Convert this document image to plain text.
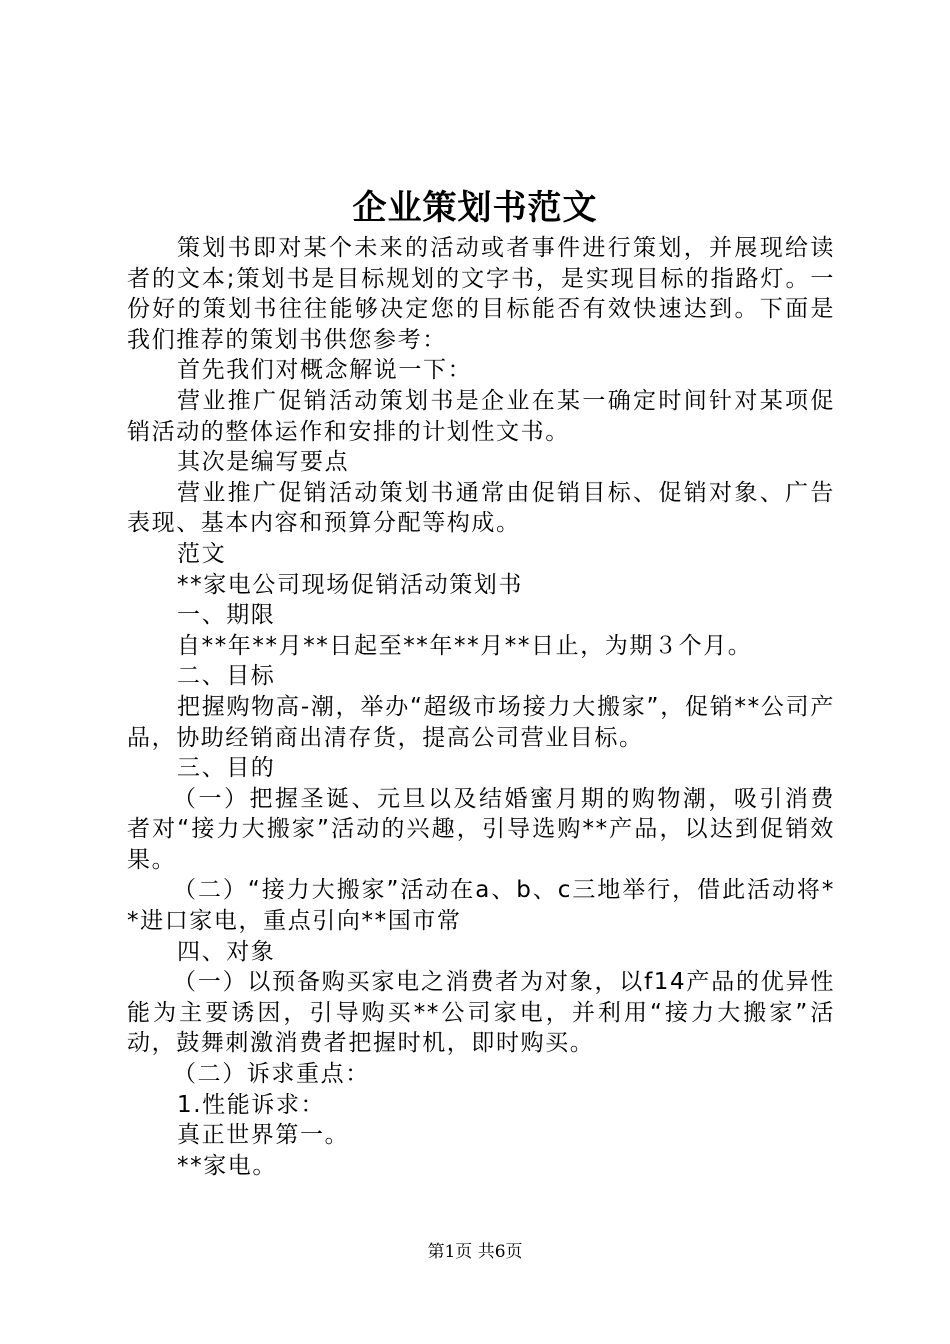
企业策划书范文

策划书即对某个未来的活动或者事件进行策划，并展现给读者的文本;策划书是目标规划的文字书，是实现目标的指路灯。一份好的策划书往往能够决定您的目标能否有效快速达到。下面是我们推荐的策划书供您参考：

首先我们对概念解说一下：

营业推广促销活动策划书是企业在某一确定时间针对某项促销活动的整体运作和安排的计划性文书。

其次是编写要点

营业推广促销活动策划书通常由促销目标、促销对象、广告表现、基本内容和预算分配等构成。

范文

**家电公司现场促销活动策划书

一、期限

自**年**月**日起至**年**月**日止，为期３个月。

二、目标

把握购物高-潮，举办“超级市场接力大搬家”，促销**公司产品，协助经销商出清存货，提高公司营业目标。

三、目的

（一）把握圣诞、元旦以及结婚蜜月期的购物潮，吸引消费者对“接力大搬家”活动的兴趣，引导选购**产品，以达到促销效果。

（二）“接力大搬家”活动在a、b、c三地举行，借此活动将**进口家电，重点引向**国市常

四、对象

（一）以预备购买家电之消费者为对象，以f14产品的优异性能为主要诱因，引导购买**公司家电，并利用“接力大搬家”活动，鼓舞刺激消费者把握时机，即时购买。

（二）诉求重点：

1.性能诉求：

真正世界第一。

**家电。

第1页 共6页
